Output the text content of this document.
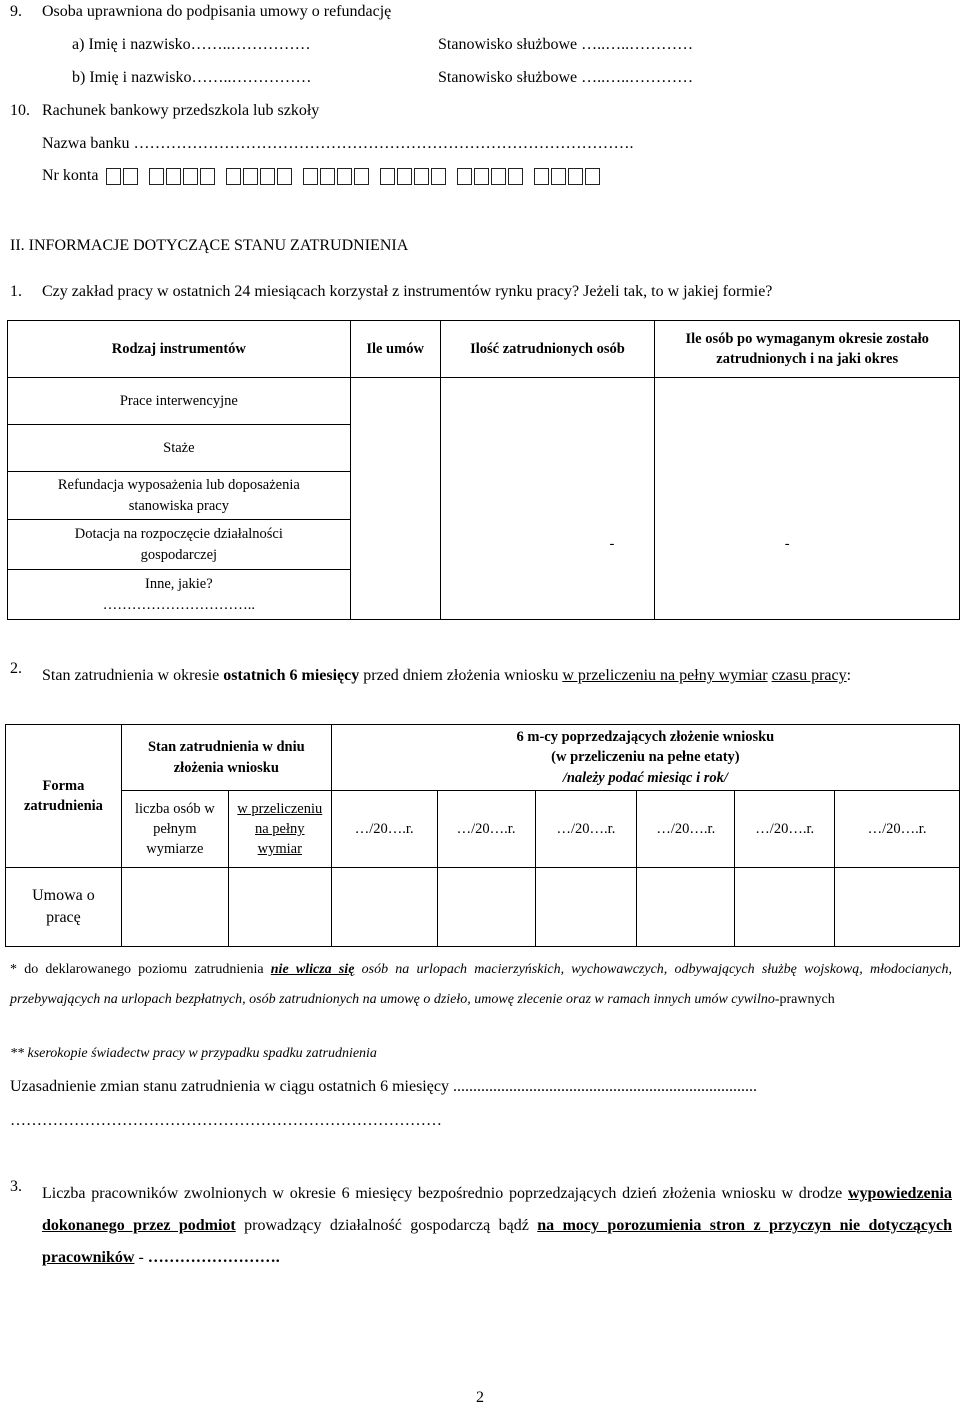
9. Osoba uprawniona do podpisania umowy o refundację
a) Imię i nazwisko……..……………	Stanowisko służbowe …..…..…………
b) Imię i nazwisko……..……………	Stanowisko służbowe …..…..…………
10. Rachunek bankowy przedszkola lub szkoły
Nazwa banku ………………………………………………………………………………….
Nr konta
II. INFORMACJE DOTYCZĄCE STANU ZATRUDNIENIA
1. Czy zakład pracy w ostatnich 24 miesiącach korzystał z instrumentów rynku pracy? Jeżeli tak, to w jakiej formie?
Rodzaj instrumentów	Ile umów	Ilość zatrudnionych osób	Ile osób po wymaganym okresie zostało zatrudnionych i na jaki okres
Prace interwencyjne			
Staże			
Refundacja wyposażenia lub doposażenia stanowiska pracy			
Dotacja na rozpoczęcie działalności gospodarczej		-	-

Inne, jakie?
…………………………..			

2. Stan zatrudnienia w okresie ostatnich 6 miesięcy przed dniem złożenia wniosku w przeliczeniu na pełny wymiar czasu pracy:
Forma zatrudnienia	Stan zatrudnienia w dniu złożenia wniosku		6 m-cy poprzedzających złożenie wniosku
(w przeliczeniu na pełne etaty)
/należy podać miesiąc i rok/					

	liczba osób w pełnym wymiarze	w przeliczeniu na pełny wymiar	…/20….r.	…/20….r.	…/20….r.	…/20….r.	…/20….r.	…/20….r.
Umowa o pracę								
* do deklarowanego poziomu zatrudnienia nie wlicza się osób na urlopach macierzyńskich, wychowawczych, odbywających służbę wojskową, młodocianych, przebywających na urlopach bezpłatnych, osób zatrudnionych na umowę o dzieło, umowę zlecenie oraz w ramach innych umów cywilno-prawnych
** kserokopie świadectw pracy w przypadku spadku zatrudnienia
Uzasadnienie zmian stanu zatrudnienia w ciągu ostatnich 6 miesięcy ............................................................................
………………………………………………………………………
3. Liczba pracowników zwolnionych w okresie 6 miesięcy bezpośrednio poprzedzających dzień złożenia wniosku w drodze wypowiedzenia dokonanego przez podmiot prowadzący działalność gospodarczą bądź na mocy porozumienia stron z przyczyn nie dotyczących pracowników - …………………….
2
